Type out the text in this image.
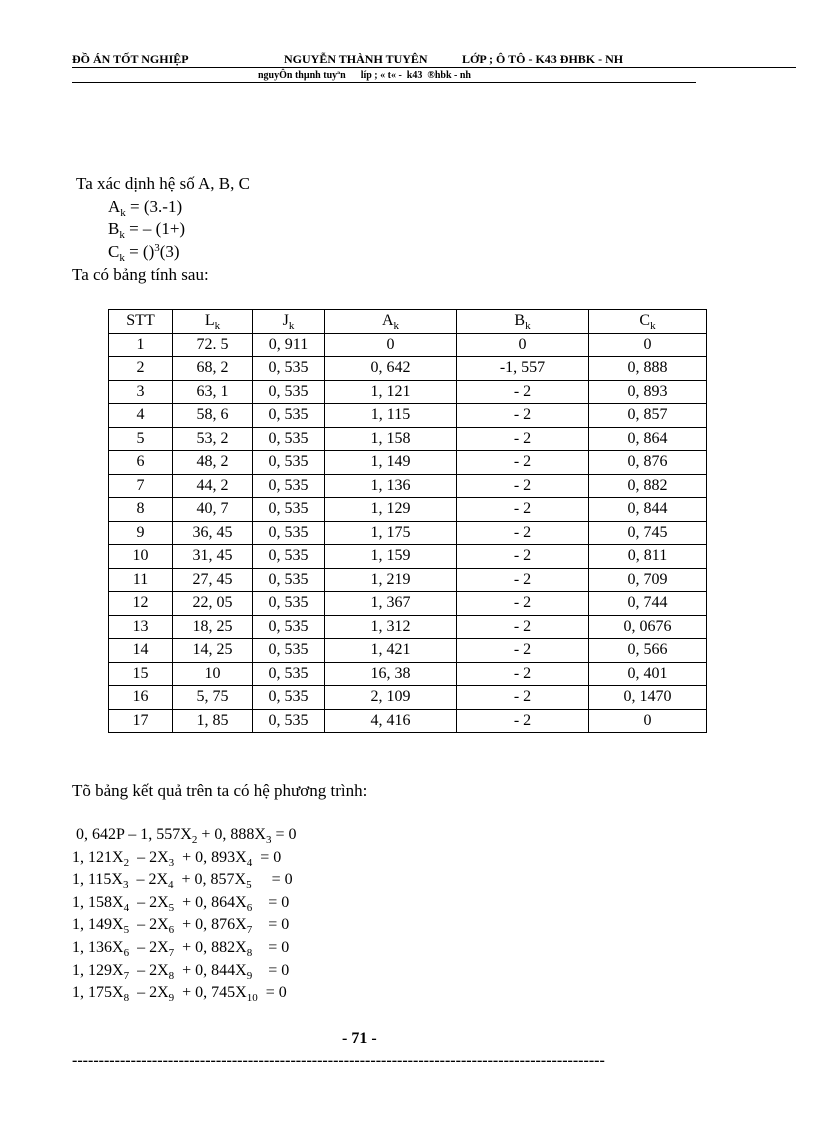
ĐỒ ÁN TỐT NGHIỆP	NGUYỄN THÀNH TUYÊN	LỚP ; Ô TÔ - K43 ĐHBK - NH
nguyÔn thµnh tuyªn      líp ; « t« -  k43  ®hbk - nh
Ta xác dịnh hệ số A, B, C
$A_k = (3.-1)$
$B_k$ = – (1+)
$C_k = ()^3(3)$
Ta có bảng tính sau:
STT	$L_k$	$J_k$	$A_k$	$B_k$	$C_k$
1	72. 5	0, 911	0	0	0
2	68, 2	0, 535	0, 642	-1, 557	0, 888
3	63, 1	0, 535	1, 121	- 2	0, 893
4	58, 6	0, 535	1, 115	- 2	0, 857
5	53, 2	0, 535	1, 158	- 2	0, 864
6	48, 2	0, 535	1, 149	- 2	0, 876
7	44, 2	0, 535	1, 136	- 2	0, 882
8	40, 7	0, 535	1, 129	- 2	0, 844
9	36, 45	0, 535	1, 175	- 2	0, 745
10	31, 45	0, 535	1, 159	- 2	0, 811
11	27, 45	0, 535	1, 219	- 2	0, 709
12	22, 05	0, 535	1, 367	- 2	0, 744
13	18, 25	0, 535	1, 312	- 2	0, 0676
14	14, 25	0, 535	1, 421	- 2	0, 566
15	10	0, 535	16, 38	- 2	0, 401
16	5, 75	0, 535	2, 109	- 2	0, 1470
17	1, 85	0, 535	4, 416	- 2	0
Tõ bảng kết quả trên ta có hệ phương trình:
0, 642P – 1, $557X_2 + 0$, $888X_3 = 0$
1, $121X_2 - 2X_3 + 0$, $893X_4 = 0$
1, $115X_3 - 2X_4 + 0$, $857X_5$     = 0
1, $158X_4 - 2X_5 + 0$, $864X_6$    = 0
1, $149X_5 - 2X_6 + 0$, $876X_7$    = 0
1, $136X_6 - 2X_7 + 0$, $882X_8$    = 0
1, $129X_7 - 2X_8 + 0$, $844X_9$    = 0
1, $175X_8 - 2X_9 + 0$, $745X_{10} = 0$
- 71 -
----------------------------------------------------------------------------------------------------
